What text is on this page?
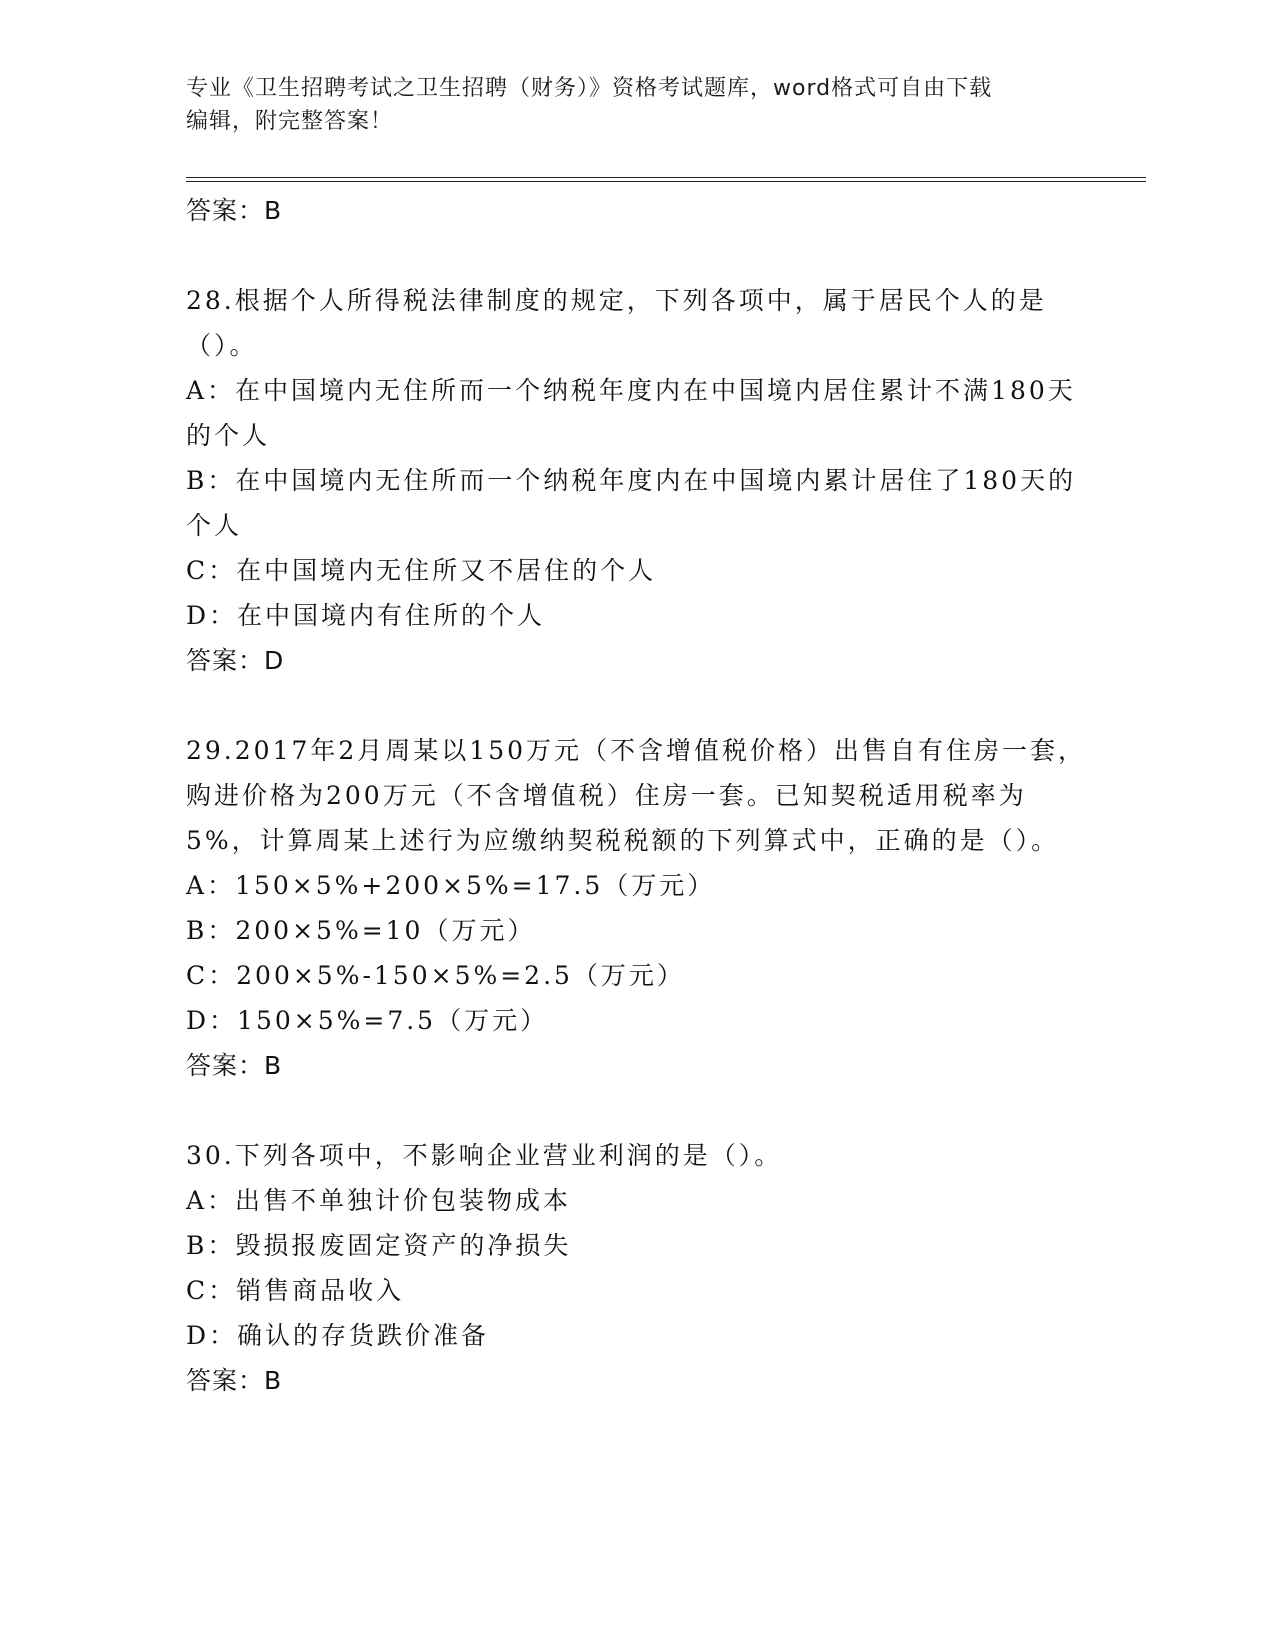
专业《卫生招聘考试之卫生招聘（财务）》资格考试题库，word格式可自由下载
编辑，附完整答案！
答案：B
28.根据个人所得税法律制度的规定，下列各项中，属于居民个人的是（）。
A：在中国境内无住所而一个纳税年度内在中国境内居住累计不满180天的个人
B：在中国境内无住所而一个纳税年度内在中国境内累计居住了180天的个人
C：在中国境内无住所又不居住的个人
D：在中国境内有住所的个人
答案：D
29.2017年2月周某以150万元（不含增值税价格）出售自有住房一套，购进价格为200万元（不含增值税）住房一套。已知契税适用税率为5%，计算周某上述行为应缴纳契税税额的下列算式中，正确的是（）。
A：150×5%+200×5%=17.5（万元）
B：200×5%=10（万元）
C：200×5%-150×5%=2.5（万元）
D：150×5%=7.5（万元）
答案：B
30.下列各项中，不影响企业营业利润的是（）。
A：出售不单独计价包装物成本
B：毁损报废固定资产的净损失
C：销售商品收入
D：确认的存货跌价准备
答案：B
